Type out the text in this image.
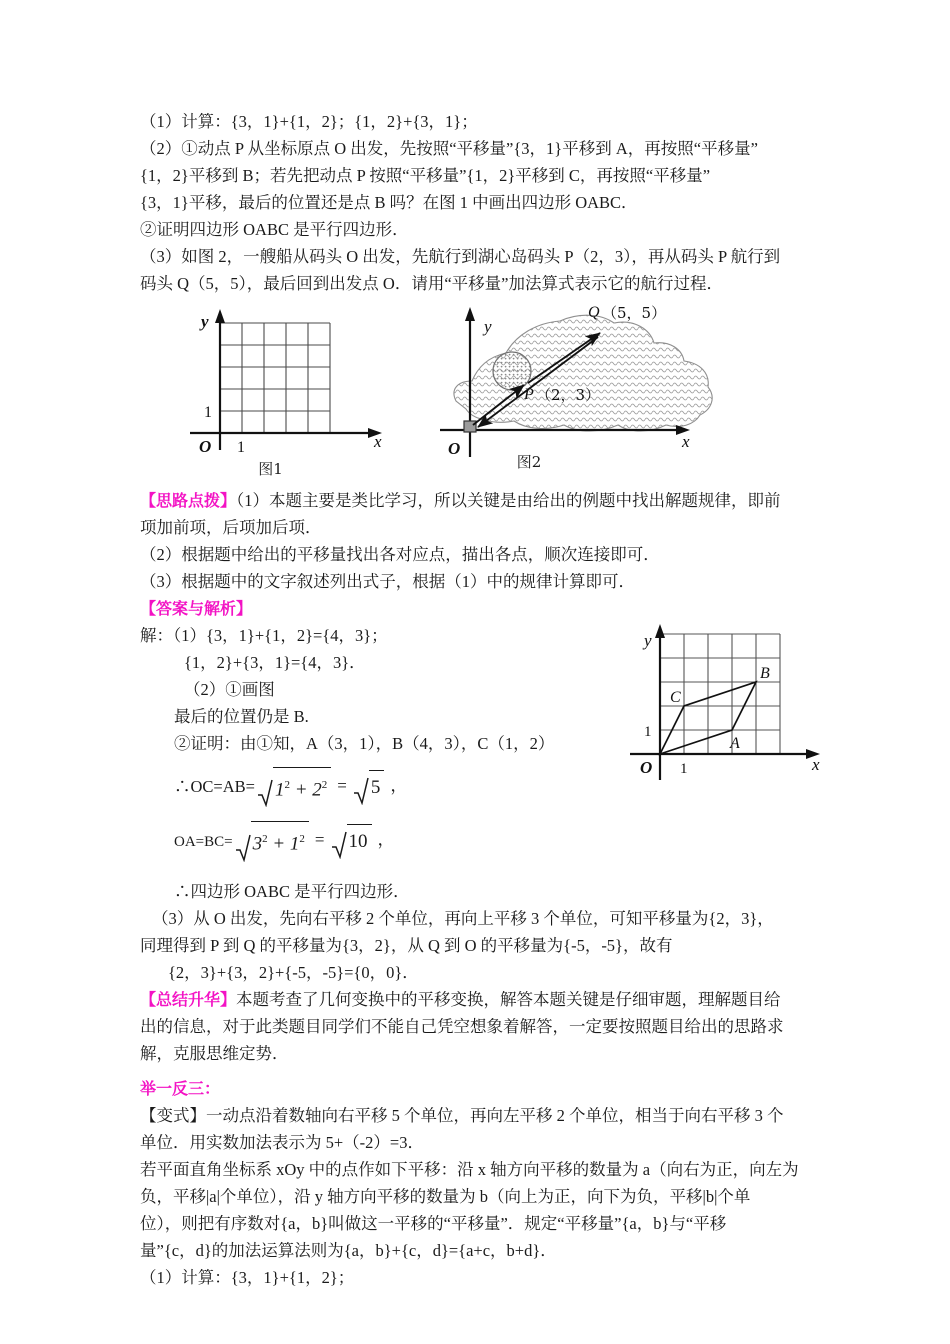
（1）计算：{3，1}+{1，2}；{1，2}+{3，1}；
（2）①动点 P 从坐标原点 O 出发，先按照“平移量”{3，1}平移到 A，再按照“平移量”
{1，2}平移到 B；若先把动点 P 按照“平移量”{1，2}平移到 C，再按照“平移量”
{3，1}平移，最后的位置还是点 B 吗？在图 1 中画出四边形 OABC．
②证明四边形 OABC 是平行四边形．
（3）如图 2，一艘船从码头 O 出发，先航行到湖心岛码头 P（2，3），再从码头 P 航行到
码头 Q（5，5），最后回到出发点 O．请用“平移量”加法算式表示它的航行过程．
y
x
O
1
1
图1
y
x
O
P （2，3）
Q （5，5）
图2
【思路点拨】（1）本题主要是类比学习，所以关键是由给出的例题中找出解题规律，即前
项加前项，后项加后项．
（2）根据题中给出的平移量找出各对应点，描出各点，顺次连接即可．
（3）根据题中的文字叙述列出式子，根据（1）中的规律计算即可．
【答案与解析】
解：（1）{3，1}+{1，2}={4，3}；
{1，2}+{3，1}={4，3}．
（2）①画图
最后的位置仍是 B.
②证明：由①知，A（3，1），B（4，3），C（1，2）
∴OC=AB= $1^2 + 2^2 = 5$ ，
$OA=BC= 3^2 + 1^2 = 10$ ，
∴四边形 OABC 是平行四边形．
（3）从 O 出发，先向右平移 2 个单位，再向上平移 3 个单位，可知平移量为{2，3}，
同理得到 P 到 Q 的平移量为{3，2}，从 Q 到 O 的平移量为{-5，-5}，故有
{2，3}+{3，2}+{-5，-5}={0，0}．
【总结升华】本题考查了几何变换中的平移变换，解答本题关键是仔细审题，理解题目给
出的信息，对于此类题目同学们不能自己凭空想象着解答，一定要按照题目给出的思路求
解，克服思维定势．
举一反三：
【变式】一动点沿着数轴向右平移 5 个单位，再向左平移 2 个单位，相当于向右平移 3 个
单位．用实数加法表示为 5+（-2）=3．
若平面直角坐标系 xOy 中的点作如下平移：沿 x 轴方向平移的数量为 a（向右为正，向左为
负，平移|a|个单位），沿 y 轴方向平移的数量为 b（向上为正，向下为负，平移|b|个单
位），则把有序数对{a，b}叫做这一平移的“平移量”．规定“平移量”{a，b}与“平移
量”{c，d}的加法运算法则为{a，b}+{c，d}={a+c，b+d}．
（1）计算：{3，1}+{1，2}；
y
x
O
1
1
A
B
C
